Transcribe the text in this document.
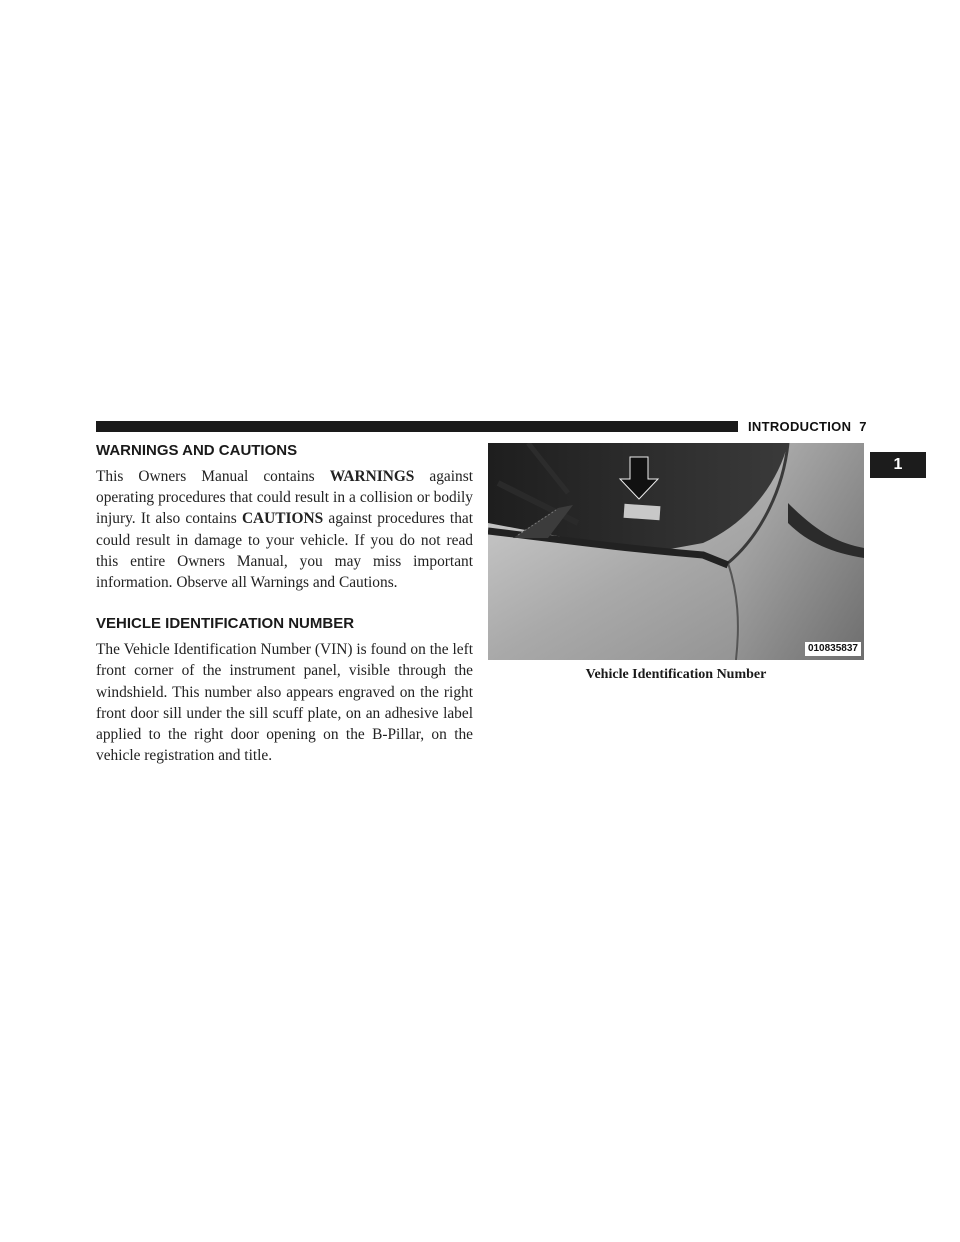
INTRODUCTION 7
1
WARNINGS AND CAUTIONS

This Owners Manual contains WARNINGS against operating procedures that could result in a collision or bodily injury. It also contains CAUTIONS against procedures that could result in damage to your vehicle. If you do not read this entire Owners Manual, you may miss important information. Observe all Warnings and Cautions.

VEHICLE IDENTIFICATION NUMBER

The Vehicle Identification Number (VIN) is found on the left front corner of the instrument panel, visible through the windshield. This number also appears engraved on the right front door sill under the sill scuff plate, on an adhesive label applied to the right door opening on the B-Pillar, on the vehicle registration and title.

010835837
Vehicle Identification Number
